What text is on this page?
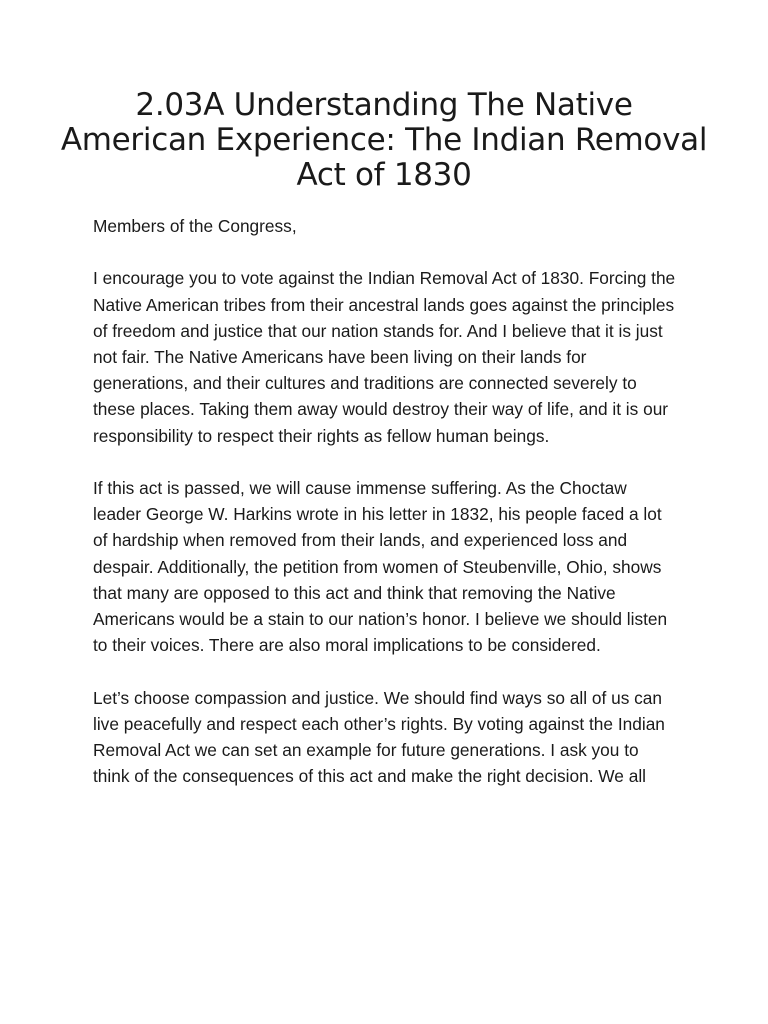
2.03A Understanding The Native American Experience: The Indian Removal Act of 1830

Members of the Congress,

I encourage you to vote against the Indian Removal Act of 1830. Forcing the Native American tribes from their ancestral lands goes against the principles of freedom and justice that our nation stands for. And I believe that it is just not fair. The Native Americans have been living on their lands for generations, and their cultures and traditions are connected severely to these places. Taking them away would destroy their way of life, and it is our responsibility to respect their rights as fellow human beings.

If this act is passed, we will cause immense suffering. As the Choctaw leader George W. Harkins wrote in his letter in 1832, his people faced a lot of hardship when removed from their lands, and experienced loss and despair. Additionally, the petition from women of Steubenville, Ohio, shows that many are opposed to this act and think that removing the Native Americans would be a stain to our nation’s honor. I believe we should listen to their voices. There are also moral implications to be considered.

Let’s choose compassion and justice. We should find ways so all of us can live peacefully and respect each other’s rights. By voting against the Indian Removal Act we can set an example for future generations. I ask you to think of the consequences of this act and make the right decision. We all
